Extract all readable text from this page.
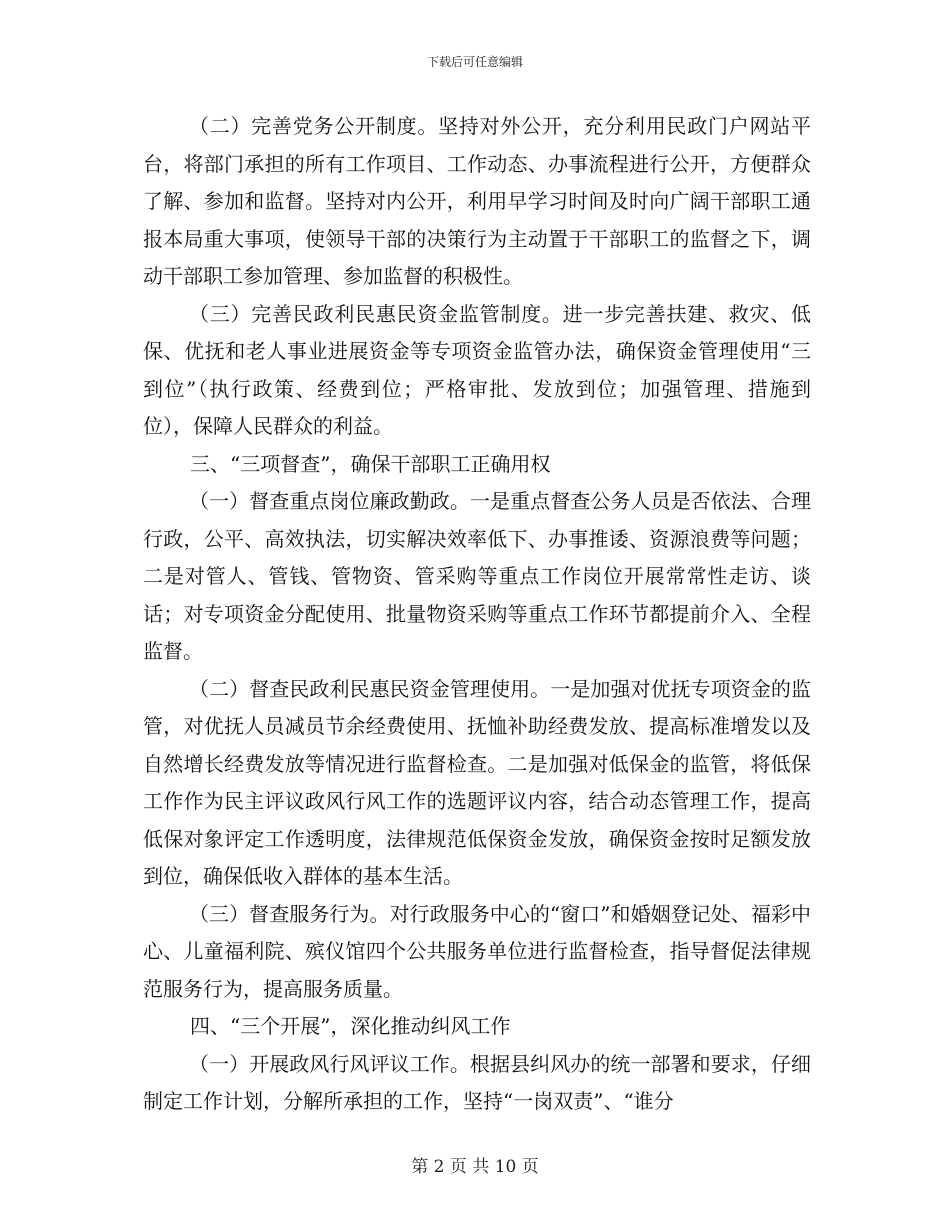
下载后可任意编辑

（二）完善党务公开制度。坚持对外公开，充分利用民政门户网站平台，将部门承担的所有工作项目、工作动态、办事流程进行公开，方便群众了解、参加和监督。坚持对内公开，利用早学习时间及时向广阔干部职工通报本局重大事项，使领导干部的决策行为主动置于干部职工的监督之下，调动干部职工参加管理、参加监督的积极性。

（三）完善民政利民惠民资金监管制度。进一步完善扶建、救灾、低保、优抚和老人事业进展资金等专项资金监管办法，确保资金管理使用“三到位”（执行政策、经费到位；严格审批、发放到位；加强管理、措施到位），保障人民群众的利益。

三、“三项督查”，确保干部职工正确用权

（一）督查重点岗位廉政勤政。一是重点督查公务人员是否依法、合理行政，公平、高效执法，切实解决效率低下、办事推诿、资源浪费等问题；二是对管人、管钱、管物资、管采购等重点工作岗位开展常常性走访、谈话；对专项资金分配使用、批量物资采购等重点工作环节都提前介入、全程监督。

（二）督查民政利民惠民资金管理使用。一是加强对优抚专项资金的监管，对优抚人员减员节余经费使用、抚恤补助经费发放、提高标准增发以及自然增长经费发放等情况进行监督检查。二是加强对低保金的监管，将低保工作作为民主评议政风行风工作的选题评议内容，结合动态管理工作，提高低保对象评定工作透明度，法律规范低保资金发放，确保资金按时足额发放到位，确保低收入群体的基本生活。

（三）督查服务行为。对行政服务中心的“窗口”和婚姻登记处、福彩中心、儿童福利院、殡仪馆四个公共服务单位进行监督检查，指导督促法律规范服务行为，提高服务质量。

四、“三个开展”，深化推动纠风工作

（一）开展政风行风评议工作。根据县纠风办的统一部署和要求，仔细制定工作计划，分解所承担的工作，坚持“一岗双责”、“谁分

第 2 页 共 10 页
